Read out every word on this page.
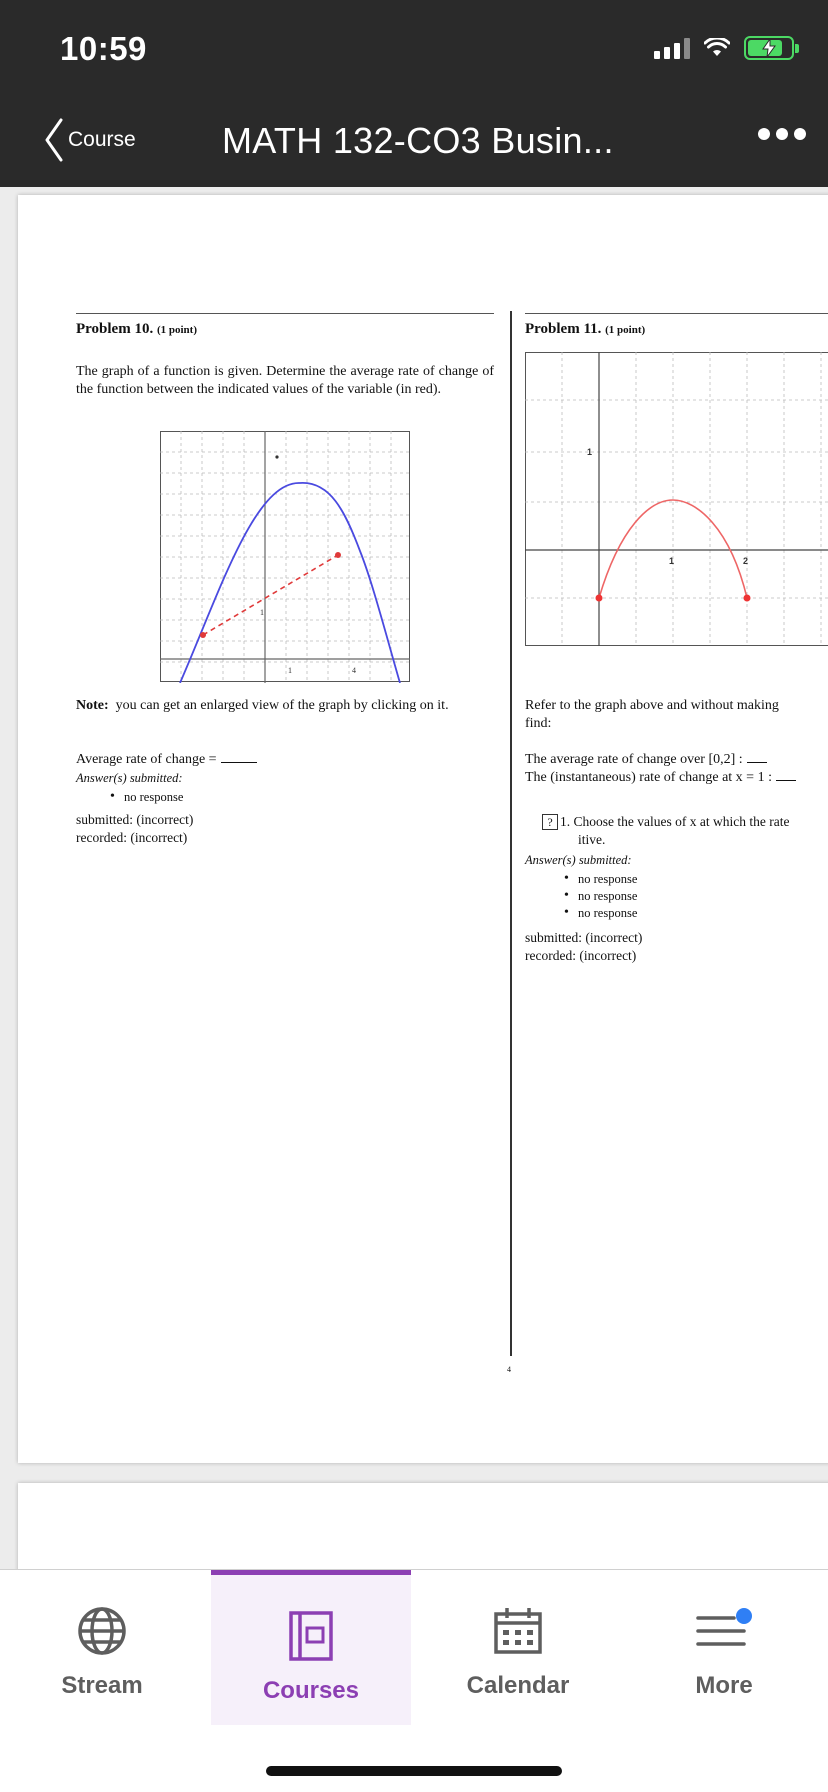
10:59
Course MATH 132-CO3 Busin...
Problem 10. (1 point)
The graph of a function is given. Determine the average rate of change of the function between the indicated values of the variable (in red).
1
1	4
Note: you can get an enlarged view of the graph by clicking on it.
Average rate of change =
Answer(s) submitted:
• no response
submitted: (incorrect)
recorded: (incorrect)
Problem 11. (1 point)
1
1	2
Refer to the graph above and without making
find:
The average rate of change over [0,2] :
The (instantaneous) rate of change at x = 1 :
? 1. Choose the values of x at which the rate
itive.
Answer(s) submitted:
• no response
• no response
• no response
submitted: (incorrect)
recorded: (incorrect)
4
Stream	Courses	Calendar	More
